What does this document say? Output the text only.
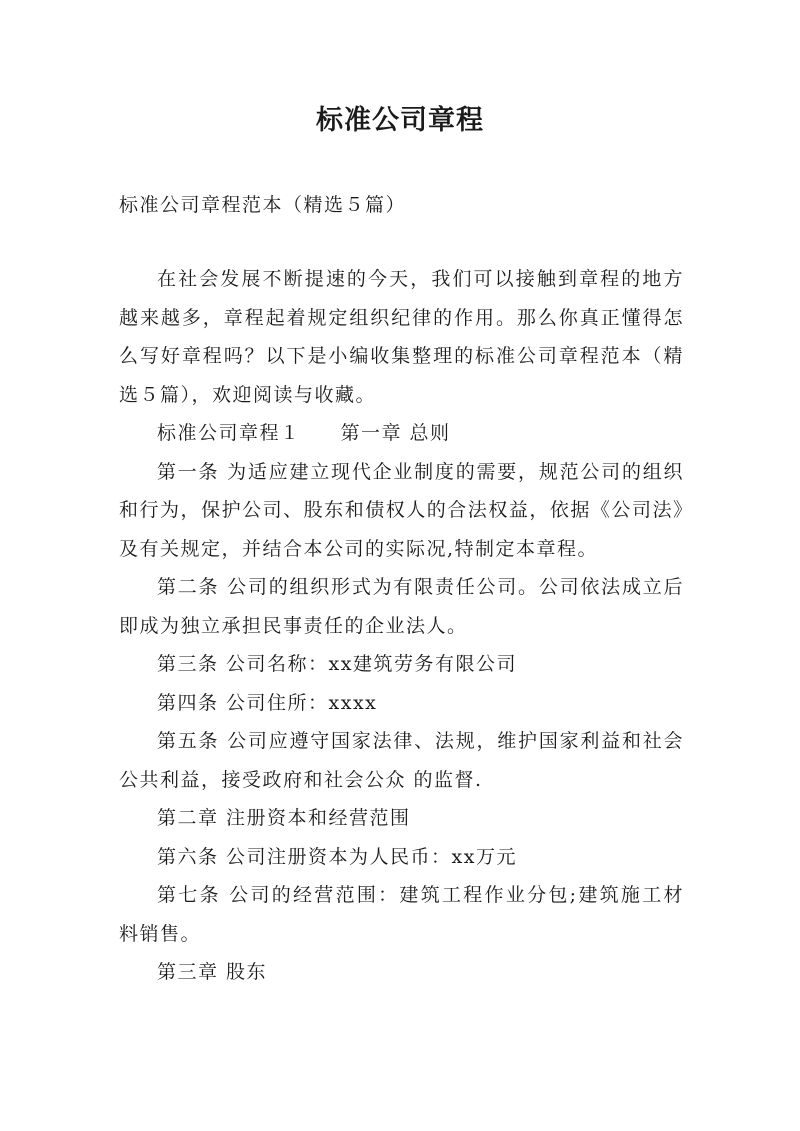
标准公司章程
标准公司章程范本（精选５篇）

在社会发展不断提速的今天，我们可以接触到章程的地方越来越多，章程起着规定组织纪律的作用。那么你真正懂得怎么写好章程吗？以下是小编收集整理的标准公司章程范本（精选５篇），欢迎阅读与收藏。

标准公司章程１ 第一章 总则

第一条 为适应建立现代企业制度的需要，规范公司的组织和行为，保护公司、股东和债权人的合法权益，依据《公司法》及有关规定，并结合本公司的实际况,特制定本章程。

第二条 公司的组织形式为有限责任公司。公司依法成立后即成为独立承担民事责任的企业法人。

第三条 公司名称：xx建筑劳务有限公司

第四条 公司住所：xxxx

第五条 公司应遵守国家法律、法规，维护国家利益和社会公共利益，接受政府和社会公众 的监督.

第二章 注册资本和经营范围

第六条 公司注册资本为人民币：xx万元

第七条 公司的经营范围：建筑工程作业分包;建筑施工材料销售。

第三章 股东
